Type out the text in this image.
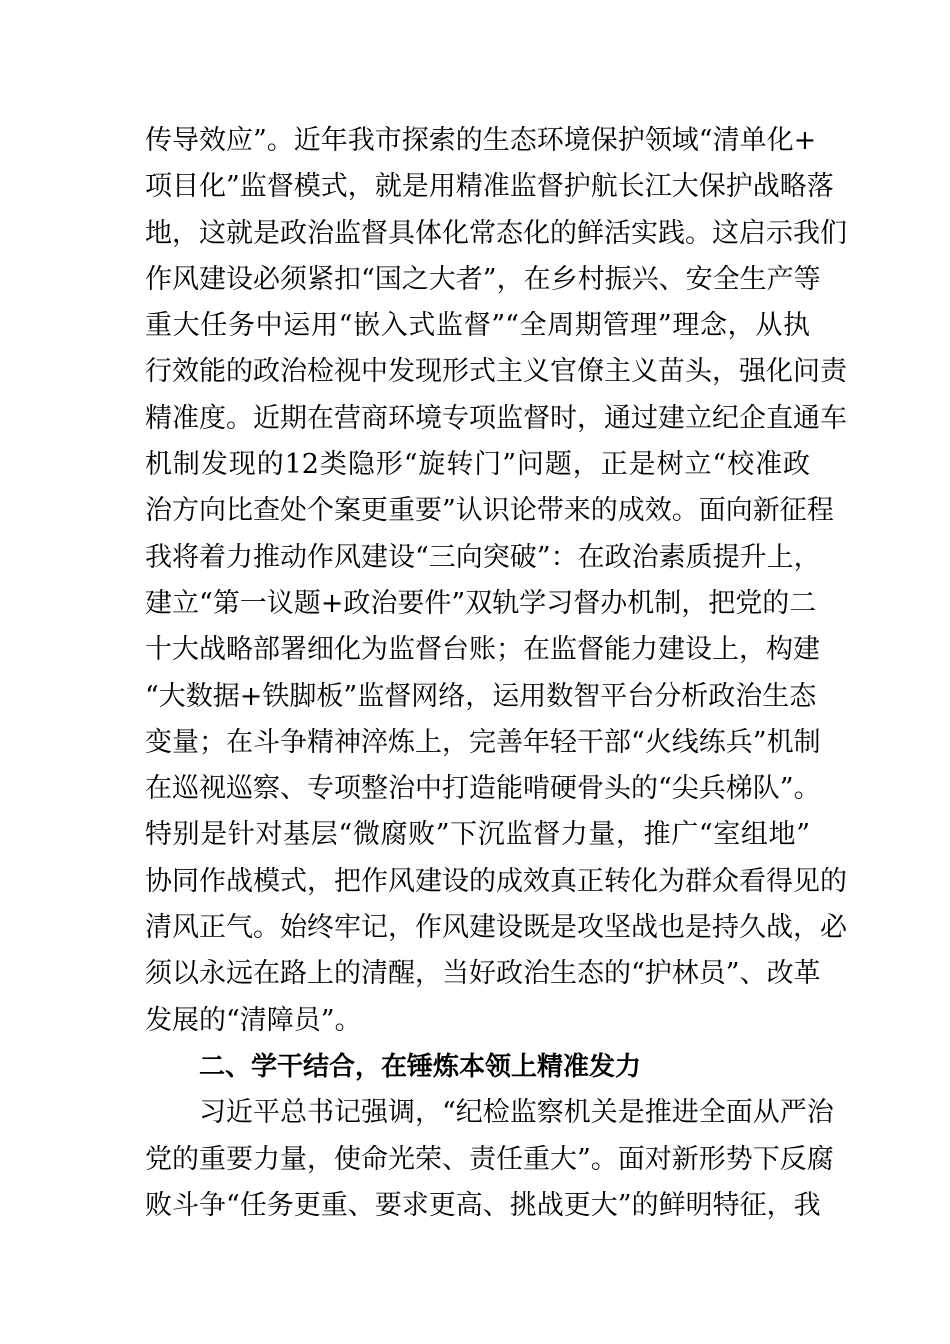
传导效应”。近年我市探索的生态环境保护领域“清单化+
项目化”监督模式，就是用精准监督护航长江大保护战略落
地，这就是政治监督具体化常态化的鲜活实践。这启示我们
作风建设必须紧扣“国之大者”，在乡村振兴、安全生产等
重大任务中运用“嵌入式监督”“全周期管理”理念，从执
行效能的政治检视中发现形式主义官僚主义苗头，强化问责
精准度。近期在营商环境专项监督时，通过建立纪企直通车
机制发现的12类隐形“旋转门”问题，正是树立“校准政
治方向比查处个案更重要”认识论带来的成效。面向新征程
我将着力推动作风建设“三向突破”：在政治素质提升上，
建立“第一议题+政治要件”双轨学习督办机制，把党的二
十大战略部署细化为监督台账；在监督能力建设上，构建
“大数据+铁脚板”监督网络，运用数智平台分析政治生态
变量；在斗争精神淬炼上，完善年轻干部“火线练兵”机制
在巡视巡察、专项整治中打造能啃硬骨头的“尖兵梯队”。
特别是针对基层“微腐败”下沉监督力量，推广“室组地”
协同作战模式，把作风建设的成效真正转化为群众看得见的
清风正气。始终牢记，作风建设既是攻坚战也是持久战，必
须以永远在路上的清醒，当好政治生态的“护林员”、改革
发展的“清障员”。
二、学干结合，在锤炼本领上精准发力
习近平总书记强调，“纪检监察机关是推进全面从严治
党的重要力量，使命光荣、责任重大”。面对新形势下反腐
败斗争“任务更重、要求更高、挑战更大”的鲜明特征，我
